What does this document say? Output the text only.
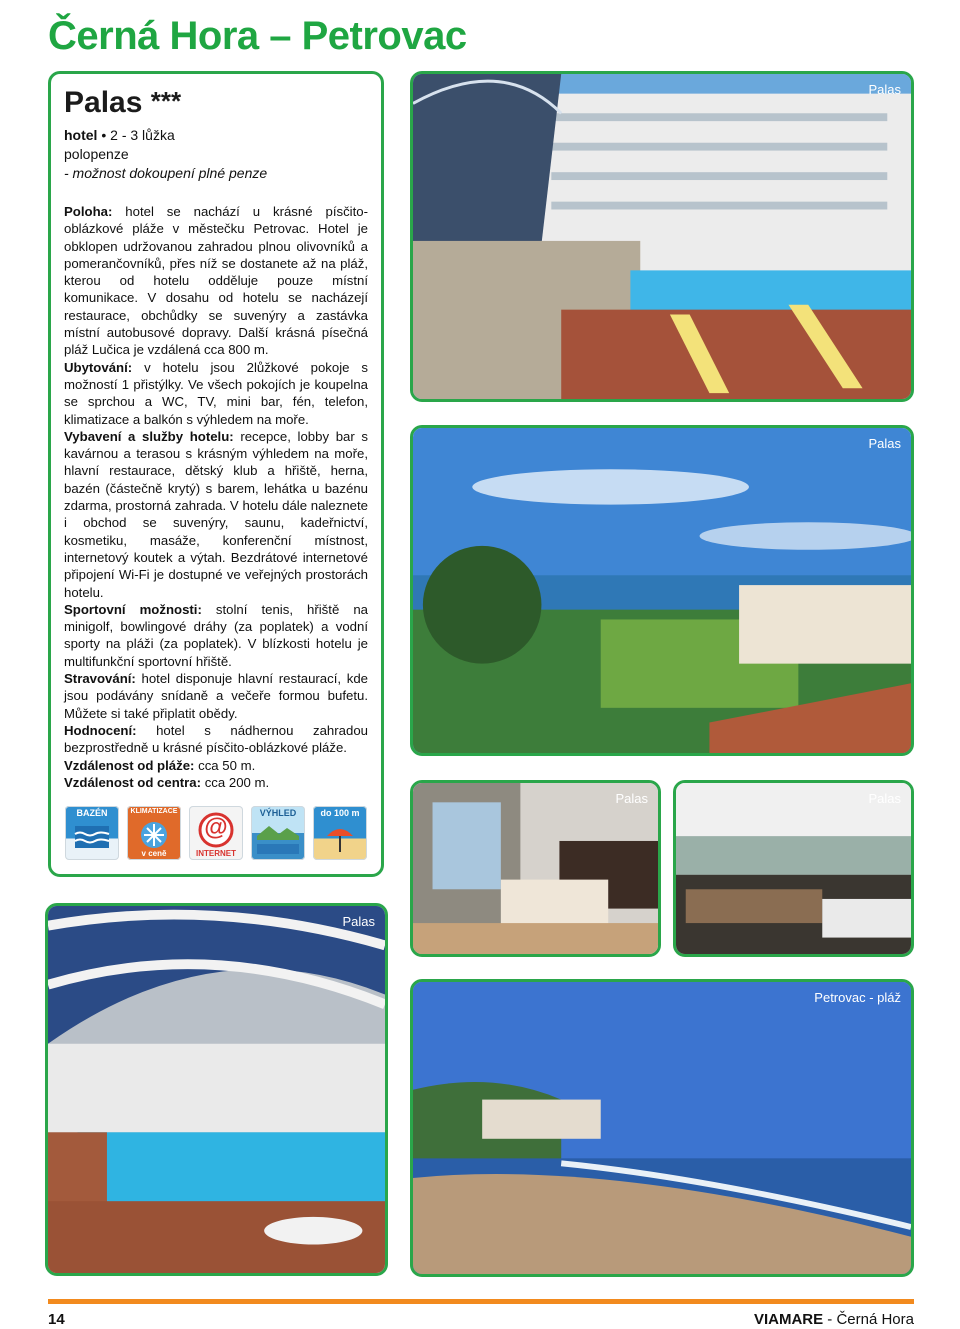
Černá Hora – Petrovac
Palas ***
hotel • 2 - 3 lůžka
polopenze
- možnost dokoupení plné penze

Poloha: hotel se nachází u krásné písčito-oblázkové pláže v městečku Petrovac. Hotel je obklopen udržovanou zahradou plnou olivovníků a pomerančovníků, přes níž se dostanete až na pláž, kterou od hotelu odděluje pouze místní komunikace. V dosahu od hotelu se nacházejí restaurace, obchůdky se suvenýry a zastávka místní autobusové dopravy. Další krásná písečná pláž Lučica je vzdálená cca 800 m.

Ubytování: v hotelu jsou 2lůžkové pokoje s možností 1 přistýlky. Ve všech pokojích je koupelna se sprchou a WC, TV, mini bar, fén, telefon, klimatizace a balkón s výhledem na moře.

Vybavení a služby hotelu: recepce, lobby bar s kavárnou a terasou s krásným výhledem na moře, hlavní restaurace, dětský klub a hřiště, herna, bazén (částečně krytý) s barem, lehátka u bazénu zdarma, prostorná zahrada. V hotelu dále naleznete i obchod se suvenýry, saunu, kadeřnictví, kosmetiku, masáže, konferenční místnost, internetový koutek a výtah. Bezdrátové internetové připojení Wi-Fi je dostupné ve veřejných prostorách hotelu.

Sportovní možnosti: stolní tenis, hřiště na minigolf, bowlingové dráhy (za poplatek) a vodní sporty na pláži (za poplatek). V blízkosti hotelu je multifunkční sportovní hřiště.

Stravování: hotel disponuje hlavní restaurací, kde jsou podávány snídaně a večeře formou bufetu. Můžete si také připlatit obědy.

Hodnocení: hotel s nádhernou zahradou bezprostředně u krásné písčito-oblázkové pláže.

Vzdálenost od pláže: cca 50 m.

Vzdálenost od centra: cca 200 m.

BAZÉN	KLIMATIZACE
v ceně
@
INTERNET
VÝHLED	do 100 m
Palas
Palas
Palas	Palas
Palas
Petrovac - pláž
14	VIAMARE - Černá Hora
